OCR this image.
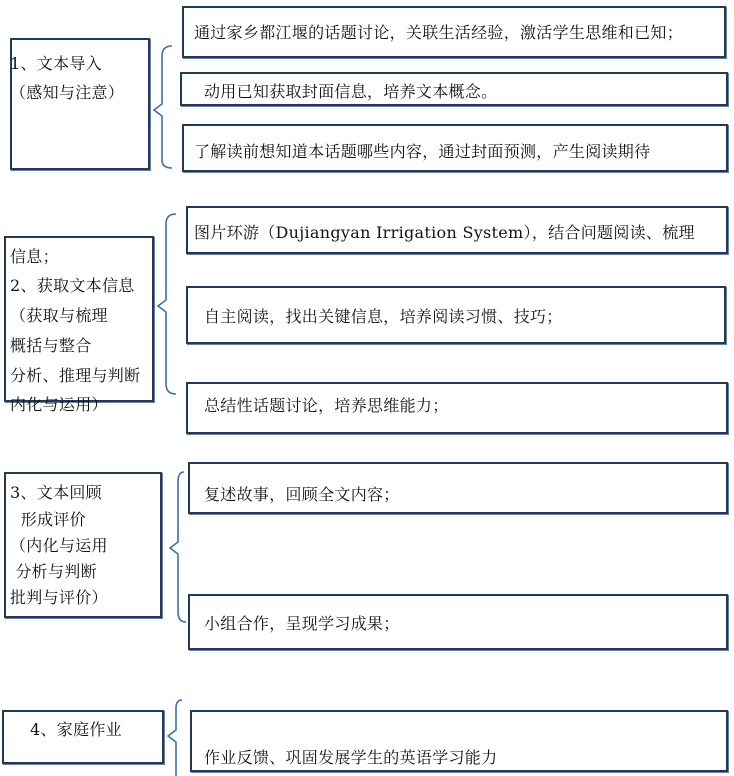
1、文本导入
（感知与注意）
通过家乡都江堰的话题讨论，关联生活经验，激活学生思维和已知；
动用已知获取封面信息，培养文本概念。
了解读前想知道本话题哪些内容，通过封面预测，产生阅读期待
信息；
2、获取文本信息
（获取与梳理
概括与整合
分析、推理与判断
内化与运用）
图片环游（Dujiangyan Irrigation System），结合问题阅读、梳理
自主阅读，找出关键信息，培养阅读习惯、技巧；
总结性话题讨论，培养思维能力；
3、文本回顾
形成评价
（内化与运用
分析与判断
批判与评价）
复述故事，回顾全文内容；
小组合作，呈现学习成果；
4、家庭作业
作业反馈、巩固发展学生的英语学习能力
